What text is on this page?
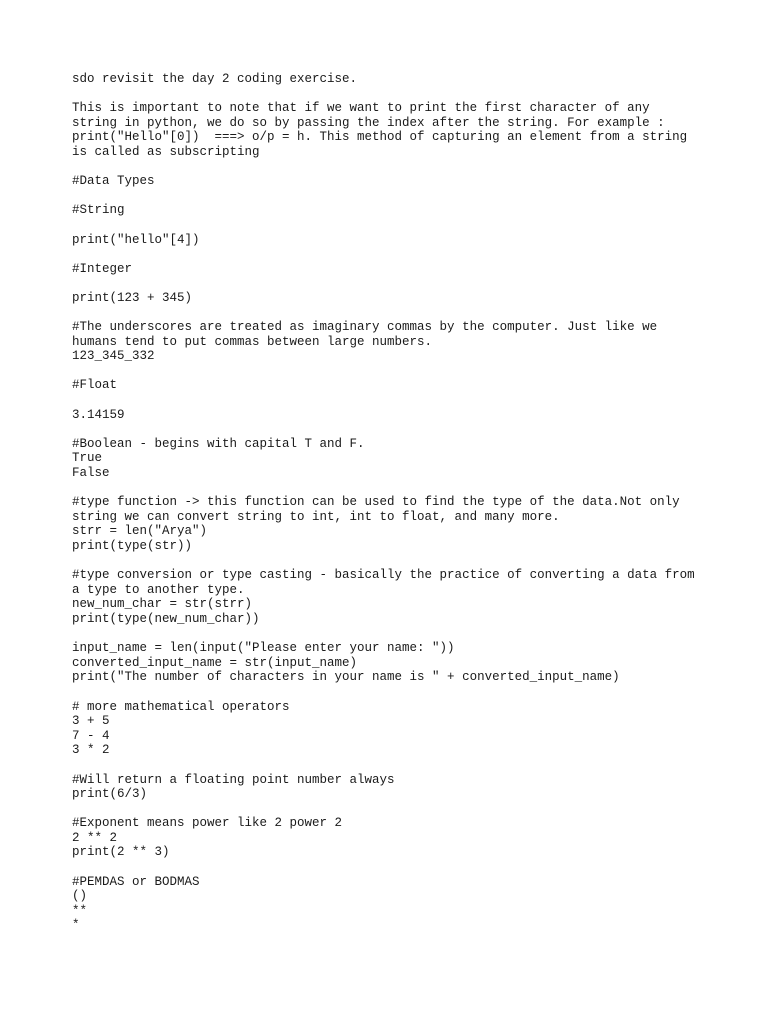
sdo revisit the day 2 coding exercise.
This is important to note that if we want to print the first character of any
string in python, we do so by passing the index after the string. For example :
print("Hello"[0])  ===> o/p = h. This method of capturing an element from a string
is called as subscripting
#Data Types
#String
print("hello"[4])
#Integer
print(123 + 345)
#The underscores are treated as imaginary commas by the computer. Just like we
humans tend to put commas between large numbers.
123_345_332
#Float
3.14159
#Boolean - begins with capital T and F.
True
False
#type function -> this function can be used to find the type of the data.Not only
string we can convert string to int, int to float, and many more.
strr = len("Arya")
print(type(str))
#type conversion or type casting - basically the practice of converting a data from
a type to another type.
new_num_char = str(strr)
print(type(new_num_char))
input_name = len(input("Please enter your name: "))
converted_input_name = str(input_name)
print("The number of characters in your name is " + converted_input_name)
# more mathematical operators
3 + 5
7 - 4
3 * 2
#Will return a floating point number always
print(6/3)
#Exponent means power like 2 power 2
2 ** 2
print(2 ** 3)
#PEMDAS or BODMAS
()
**
*
